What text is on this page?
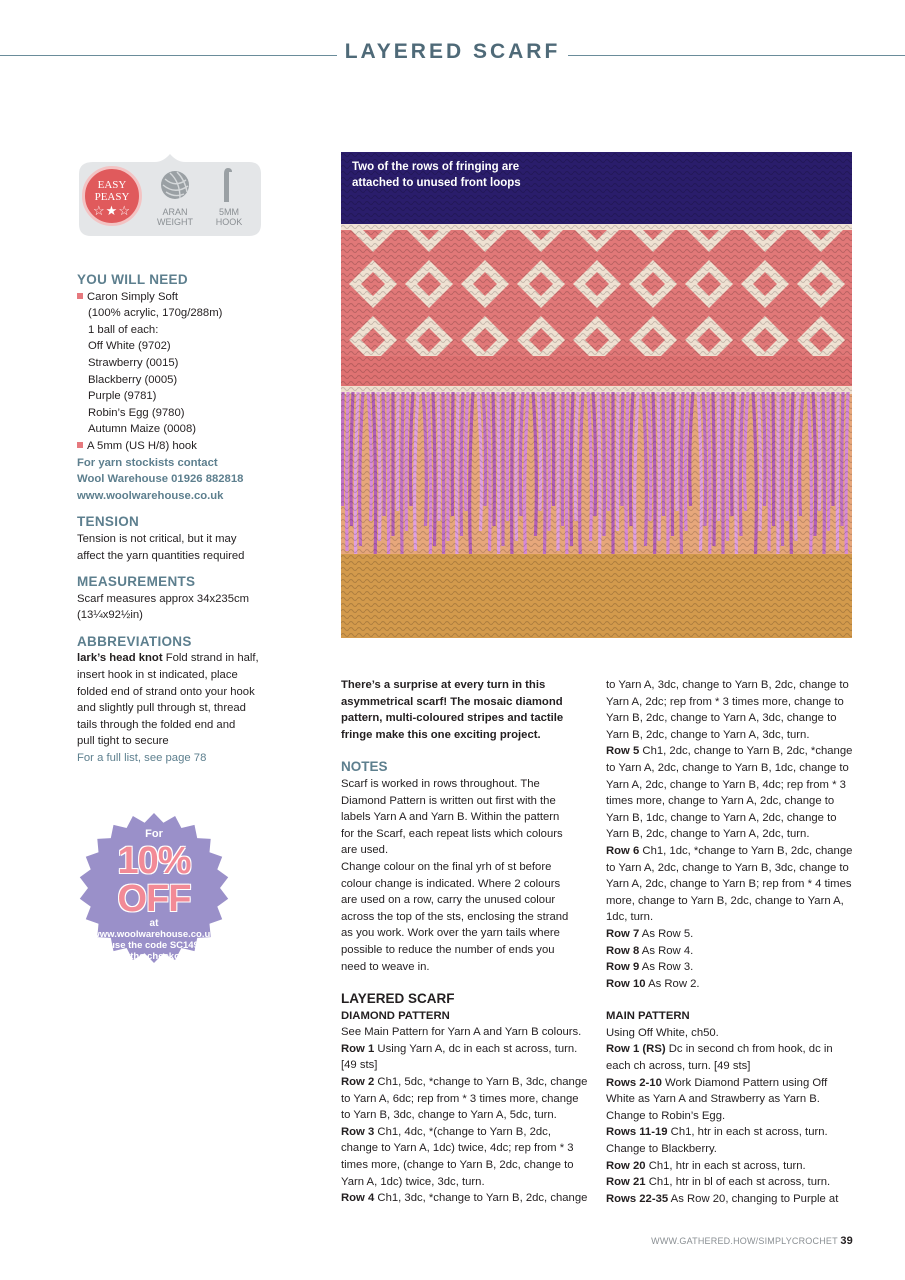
LAYERED SCARF
EASY
PEASY
☆★☆	ARAN
WEIGHT
5MM
HOOK

YOU WILL NEED

Caron Simply Soft

(100% acrylic, 170g/288m)

1 ball of each:

Off White (9702)

Strawberry (0015)

Blackberry (0005)

Purple (9781)

Robin’s Egg (9780)

Autumn Maize (0008)

A 5mm (US H/8) hook

For yarn stockists contact

Wool Warehouse 01926 882818

www.woolwarehouse.co.uk

TENSION

Tension is not critical, but it may

affect the yarn quantities required

MEASUREMENTS

Scarf measures approx 34x235cm

(13¼x92½in)

ABBREVIATIONS

lark’s head knot Fold strand in half,

insert hook in st indicated, place

folded end of strand onto your hook

and slightly pull through st, thread

tails through the folded end and

pull tight to secure

For a full list, see page 78

For
10% OFF
at
www.woolwarehouse.co.uk
use the code SC149
at the checkout
Discount code not valid on yarn packs,
sale items and SC Collection products.
Two of the rows of fringing are
attached to unused front loops

There’s a surprise at every turn in this

asymmetrical scarf! The mosaic diamond

pattern, multi-coloured stripes and tactile

fringe make this one exciting project.

NOTES

Scarf is worked in rows throughout. The

Diamond Pattern is written out first with the

labels Yarn A and Yarn B. Within the pattern

for the Scarf, each repeat lists which colours

are used.

Change colour on the final yrh of st before

colour change is indicated. Where 2 colours

are used on a row, carry the unused colour

across the top of the sts, enclosing the strand

as you work. Work over the yarn tails where

possible to reduce the number of ends you

need to weave in.

LAYERED SCARF

DIAMOND PATTERN

See Main Pattern for Yarn A and Yarn B colours.

Row 1 Using Yarn A, dc in each st across, turn.

[49 sts]

Row 2 Ch1, 5dc, *change to Yarn B, 3dc, change

to Yarn A, 6dc; rep from * 3 times more, change

to Yarn B, 3dc, change to Yarn A, 5dc, turn.

Row 3 Ch1, 4dc, *(change to Yarn B, 2dc,

change to Yarn A, 1dc) twice, 4dc; rep from * 3

times more, (change to Yarn B, 2dc, change to

Yarn A, 1dc) twice, 3dc, turn.

Row 4 Ch1, 3dc, *change to Yarn B, 2dc, change

to Yarn A, 3dc, change to Yarn B, 2dc, change to

Yarn A, 2dc; rep from * 3 times more, change to

Yarn B, 2dc, change to Yarn A, 3dc, change to

Yarn B, 2dc, change to Yarn A, 3dc, turn.

Row 5 Ch1, 2dc, change to Yarn B, 2dc, *change

to Yarn A, 2dc, change to Yarn B, 1dc, change to

Yarn A, 2dc, change to Yarn B, 4dc; rep from * 3

times more, change to Yarn A, 2dc, change to

Yarn B, 1dc, change to Yarn A, 2dc, change to

Yarn B, 2dc, change to Yarn A, 2dc, turn.

Row 6 Ch1, 1dc, *change to Yarn B, 2dc, change

to Yarn A, 2dc, change to Yarn B, 3dc, change to

Yarn A, 2dc, change to Yarn B; rep from * 4 times

more, change to Yarn B, 2dc, change to Yarn A,

1dc, turn.

Row 7 As Row 5.

Row 8 As Row 4.

Row 9 As Row 3.

Row 10 As Row 2.

MAIN PATTERN

Using Off White, ch50.

Row 1 (RS) Dc in second ch from hook, dc in

each ch across, turn. [49 sts]

Rows 2-10 Work Diamond Pattern using Off

White as Yarn A and Strawberry as Yarn B.

Change to Robin’s Egg.

Rows 11-19 Ch1, htr in each st across, turn.

Change to Blackberry.

Row 20 Ch1, htr in each st across, turn.

Row 21 Ch1, htr in bl of each st across, turn.

Rows 22-35 As Row 20, changing to Purple at

WWW.GATHERED.HOW/SIMPLYCROCHET 39
